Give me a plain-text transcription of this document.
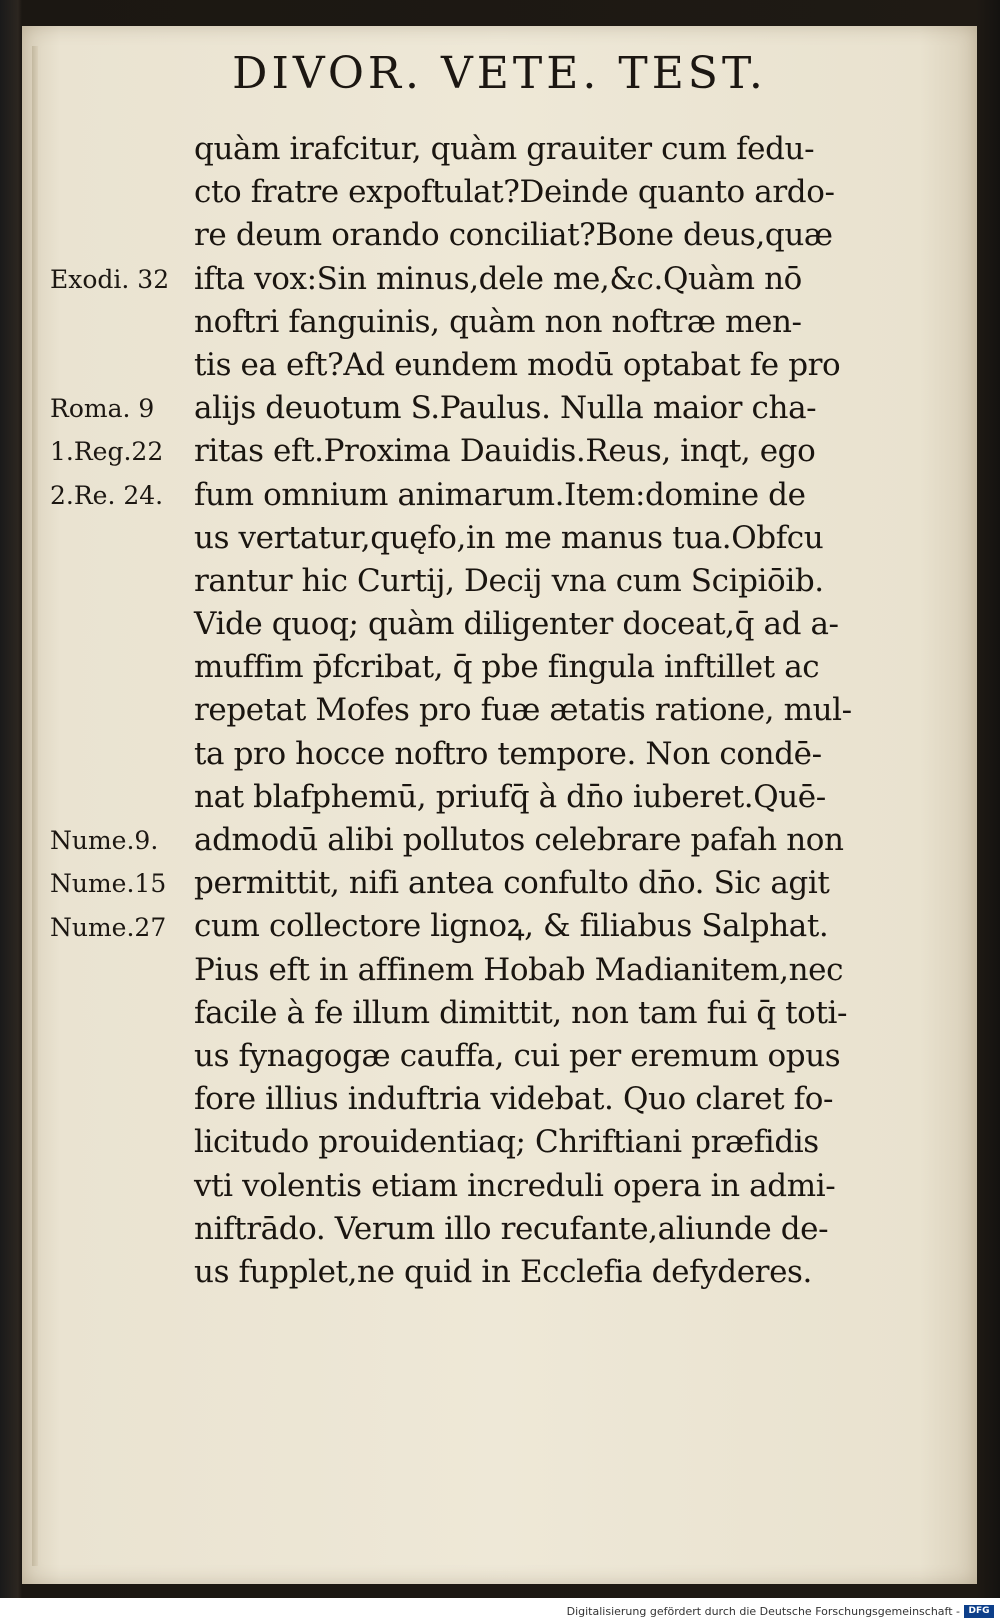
DIVOR. VETE. TEST.
Exodi. 32
Roma. 9
1.Reg.22
2.Re. 24.
Nume.9.
Nume.15
Nume.27
quàm irafcitur, quàm grauiter cum fedu-
cto fratre expoftulat?Deinde quanto ardo-
re deum orando conciliat?Bone deus,quæ
ifta vox:Sin minus,dele me,&c.Quàm nō
noftri fanguinis, quàm non noftræ men-
tis ea eft?Ad eundem modū optabat fe pro
alijs deuotum S.Paulus. Nulla maior cha-
ritas eft.Proxima Dauidis.Reus, inqt, ego
fum omnium animarum.Item:domine de
us vertatur,quęfo,in me manus tua.Obfcu
rantur hic Curtij, Decij vna cum Scipiōib.
Vide quoq; quàm diligenter doceat,q̄ ad a-
muffim p̄fcribat, q̄ pbe fingula inftillet ac
repetat Mofes pro fuæ ætatis ratione, mul-
ta pro hocce noftro tempore. Non condē-
nat blafphemū, priufq̄ à dn̄o iuberet.Quē-
admodū alibi pollutos celebrare pafah non
permittit, nifi antea confulto dn̄o. Sic agit
cum collectore lignoꝝ, & filiabus Salphat.
Pius eft in affinem Hobab Madianitem,nec
facile à fe illum dimittit, non tam fui q̄ toti-
us fynagogæ cauffa, cui per eremum opus
fore illius induftria videbat. Quo claret fo-
licitudo prouidentiaq; Chriftiani præfidis
vti volentis etiam increduli opera in admi-
niftrādo. Verum illo recufante,aliunde de-
us fupplet,ne quid in Ecclefia defyderes.
Digitalisierung gefördert durch die Deutsche Forschungsgemeinschaft - DFG
